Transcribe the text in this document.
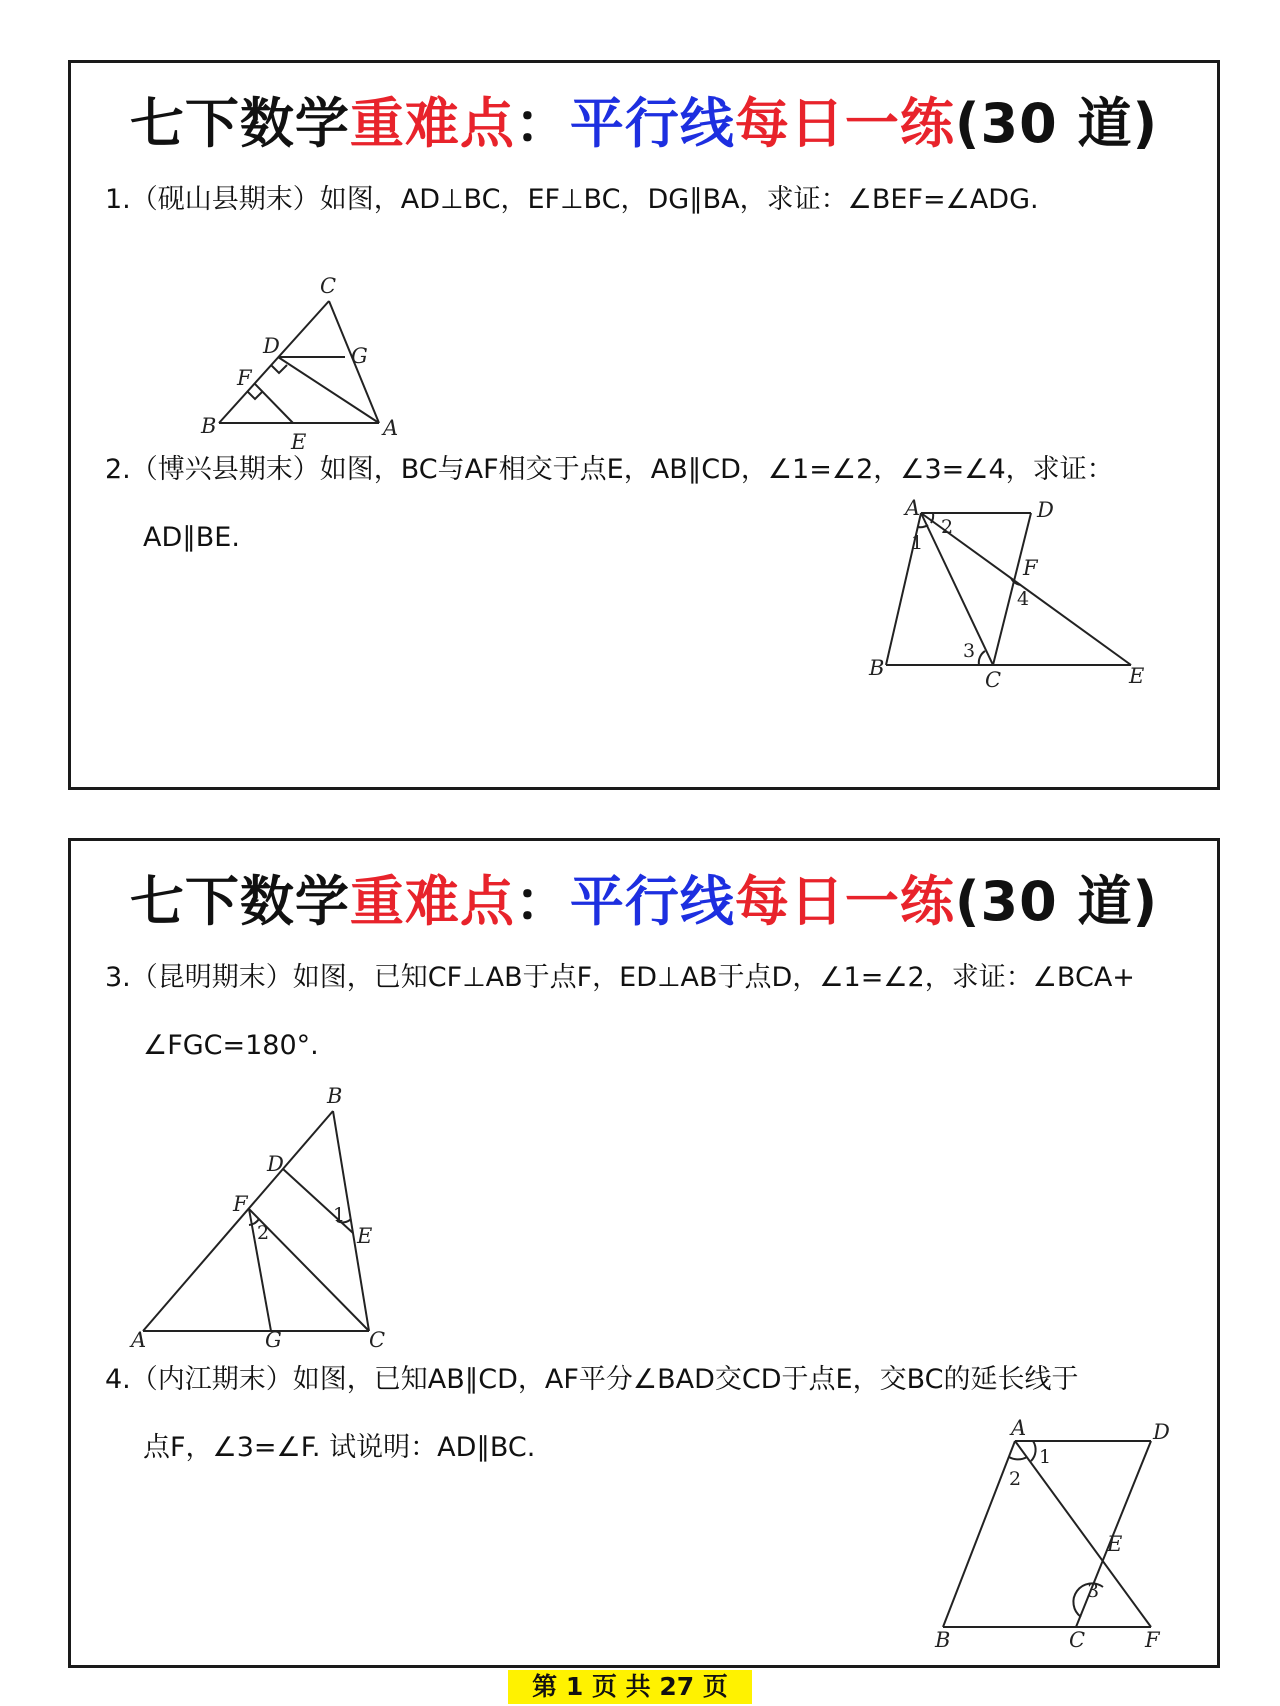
七下数学重难点：平行线每日一练(30 道)
1.（砚山县期末）如图，AD⊥BC，EF⊥BC，DG∥BA，求证：∠BEF=∠ADG.
C
D	G
F
B
E
A
2.（博兴县期末）如图，BC与AF相交于点E，AB∥CD，∠1=∠2，∠3=∠4，求证：
AD∥BE.
A	D
2
1
F
4
3
B	C	E
七下数学重难点：平行线每日一练(30 道)
3.（昆明期末）如图，已知CF⊥AB于点F，ED⊥AB于点D，∠1=∠2，求证：∠BCA+
∠FGC=180°.
B
D
1
E
F
2
A	G	C
4.（内江期末）如图，已知AB∥CD，AF平分∠BAD交CD于点E，交BC的延长线于
点F，∠3=∠F. 试说明：AD∥BC.
A	D
1
2
E
3
B	C	F
第 1 页 共 27 页
